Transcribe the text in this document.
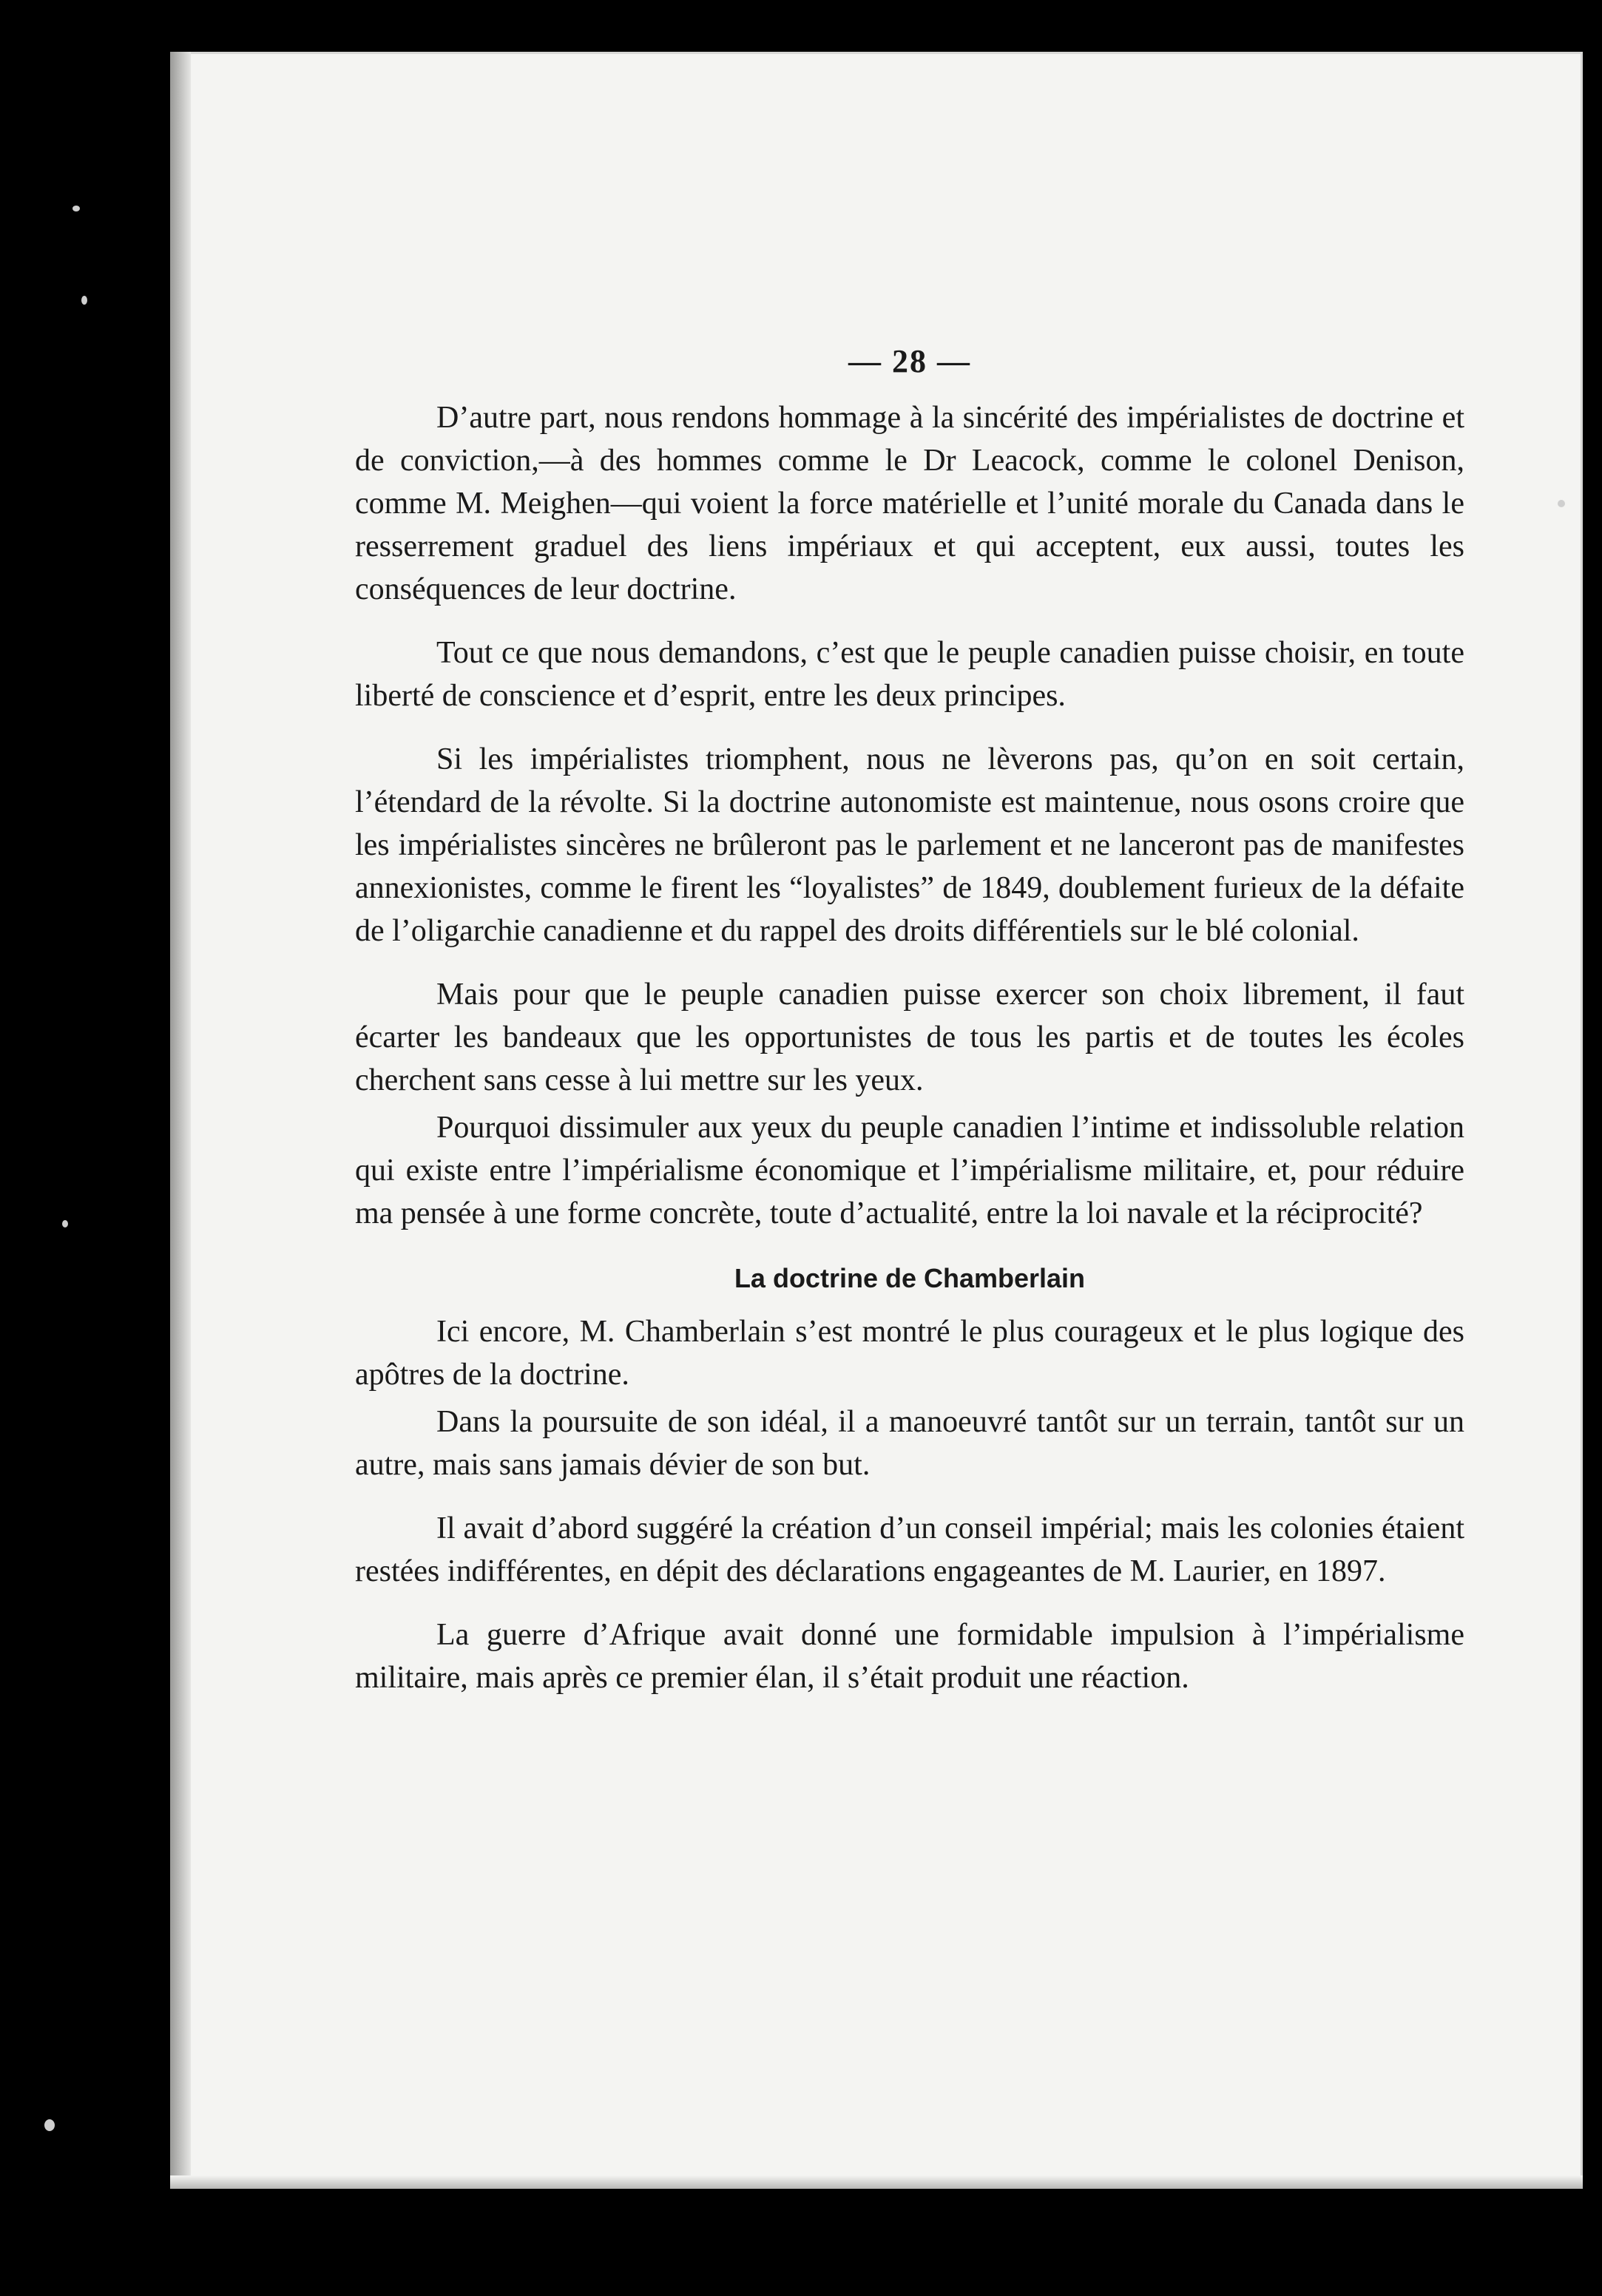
— 28 —

D’autre part, nous rendons hommage à la sincérité des impérialistes de doctrine et de conviction,—à des hommes comme le Dr Leacock, comme le colonel Denison, comme M. Meighen—qui voient la force matérielle et l’unité morale du Canada dans le resserrement graduel des liens impériaux et qui acceptent, eux aussi, toutes les conséquences de leur doctrine.

Tout ce que nous demandons, c’est que le peuple canadien puisse choisir, en toute liberté de conscience et d’esprit, entre les deux principes.

Si les impérialistes triomphent, nous ne lèverons pas, qu’on en soit certain, l’étendard de la révolte. Si la doctrine autonomiste est maintenue, nous osons croire que les impérialistes sincères ne brûleront pas le parlement et ne lanceront pas de manifestes annexionistes, comme le firent les “loyalistes” de 1849, doublement furieux de la défaite de l’oligarchie canadienne et du rappel des droits différentiels sur le blé colonial.

Mais pour que le peuple canadien puisse exercer son choix librement, il faut écarter les bandeaux que les opportunistes de tous les partis et de toutes les écoles cherchent sans cesse à lui mettre sur les yeux.

Pourquoi dissimuler aux yeux du peuple canadien l’intime et indissoluble relation qui existe entre l’impérialisme économique et l’impérialisme militaire, et, pour réduire ma pensée à une forme concrète, toute d’actualité, entre la loi navale et la réciprocité?

La doctrine de Chamberlain

Ici encore, M. Chamberlain s’est montré le plus courageux et le plus logique des apôtres de la doctrine.

Dans la poursuite de son idéal, il a manoeuvré tantôt sur un terrain, tantôt sur un autre, mais sans jamais dévier de son but.

Il avait d’abord suggéré la création d’un conseil impérial; mais les colonies étaient restées indifférentes, en dépit des déclarations engageantes de M. Laurier, en 1897.

La guerre d’Afrique avait donné une formidable impulsion à l’impérialisme militaire, mais après ce premier élan, il s’était produit une réaction.
